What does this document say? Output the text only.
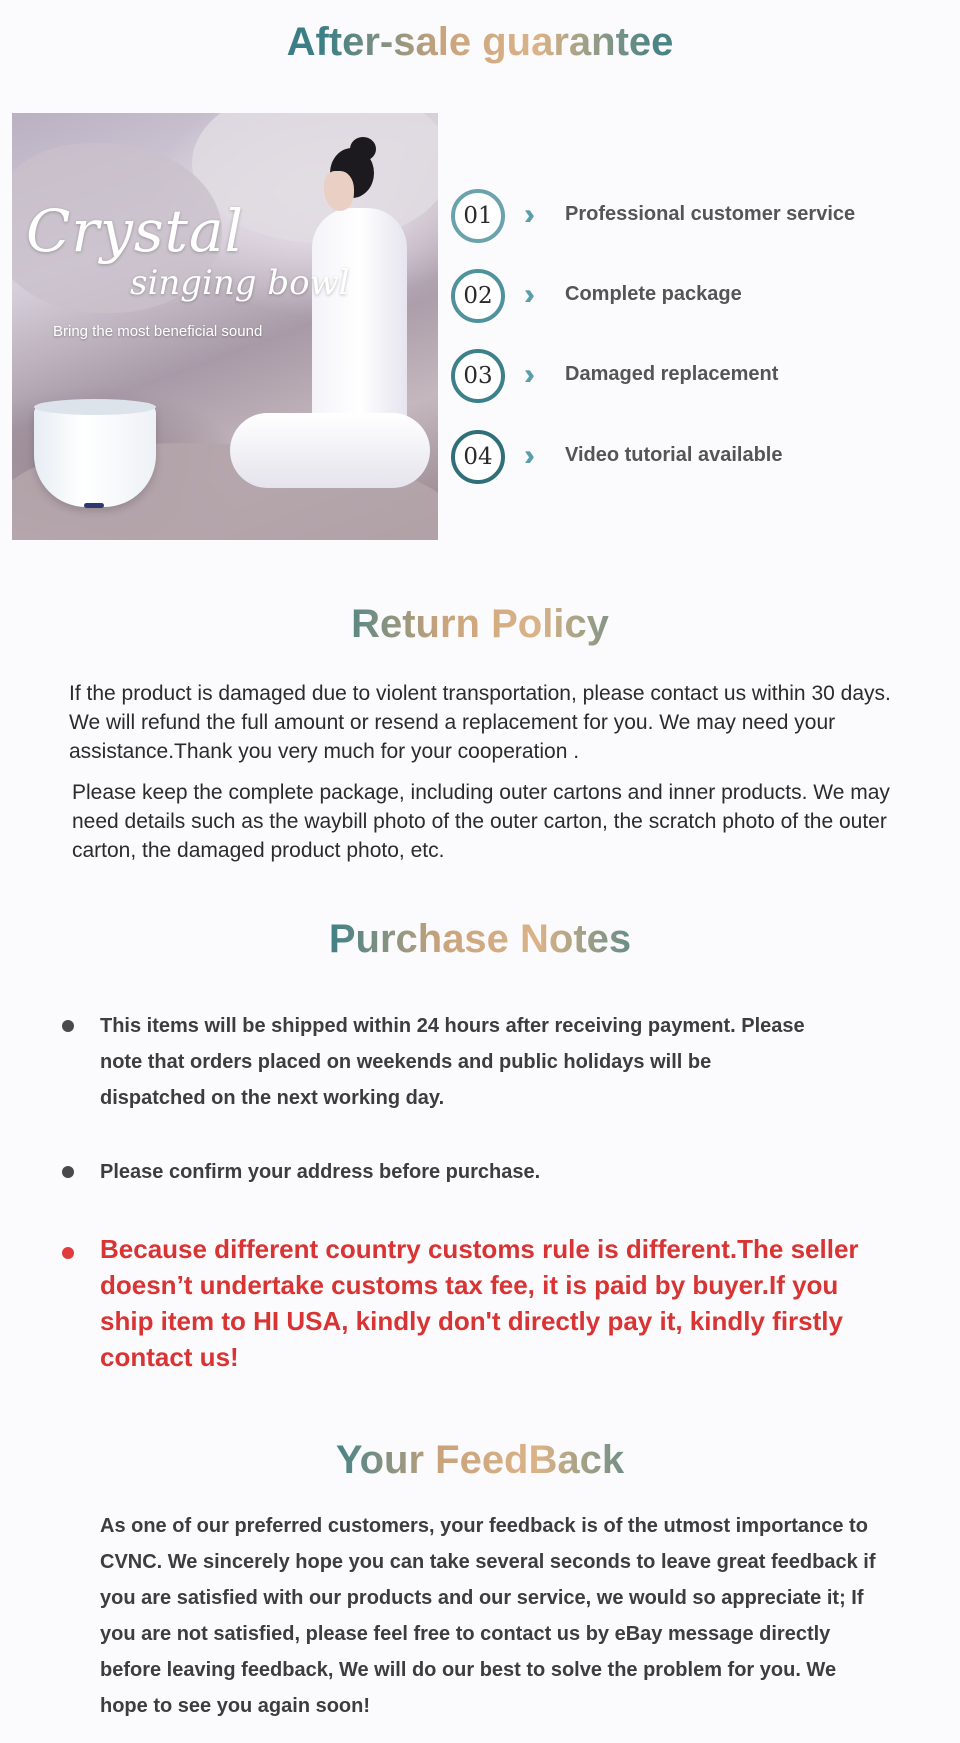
After-sale guarantee
Crystal
singing bowl
Bring the most beneficial sound
01	›› Professional customer service
02	›› Complete package
03	›› Damaged replacement
04	›› Video tutorial available
Return Policy

If the product is damaged due to violent transportation, please contact us within 30 days. We will refund the full amount or resend a replacement for you. We may need your assistance.Thank you very much for your cooperation .

Please keep the complete package, including outer cartons and inner products. We may need details such as the waybill photo of the outer carton, the scratch photo of the outer carton, the damaged product photo, etc.

Purchase Notes

This items will be shipped within 24 hours after receiving payment. Please note that orders placed on weekends and public holidays will be dispatched on the next working day.

Please confirm your address before purchase.

Because different country customs rule is different.The seller doesn’t undertake customs tax fee, it is paid by buyer.If you ship item to HI USA, kindly don't directly pay it, kindly firstly contact us!

Your FeedBack

As one of our preferred customers, your feedback is of the utmost importance to CVNC. We sincerely hope you can take several seconds to leave great feedback if you are satisfied with our products and our service, we would so appreciate it; If you are not satisfied, please feel free to contact us by eBay message directly before leaving feedback, We will do our best to solve the problem for you. We hope to see you again soon!
